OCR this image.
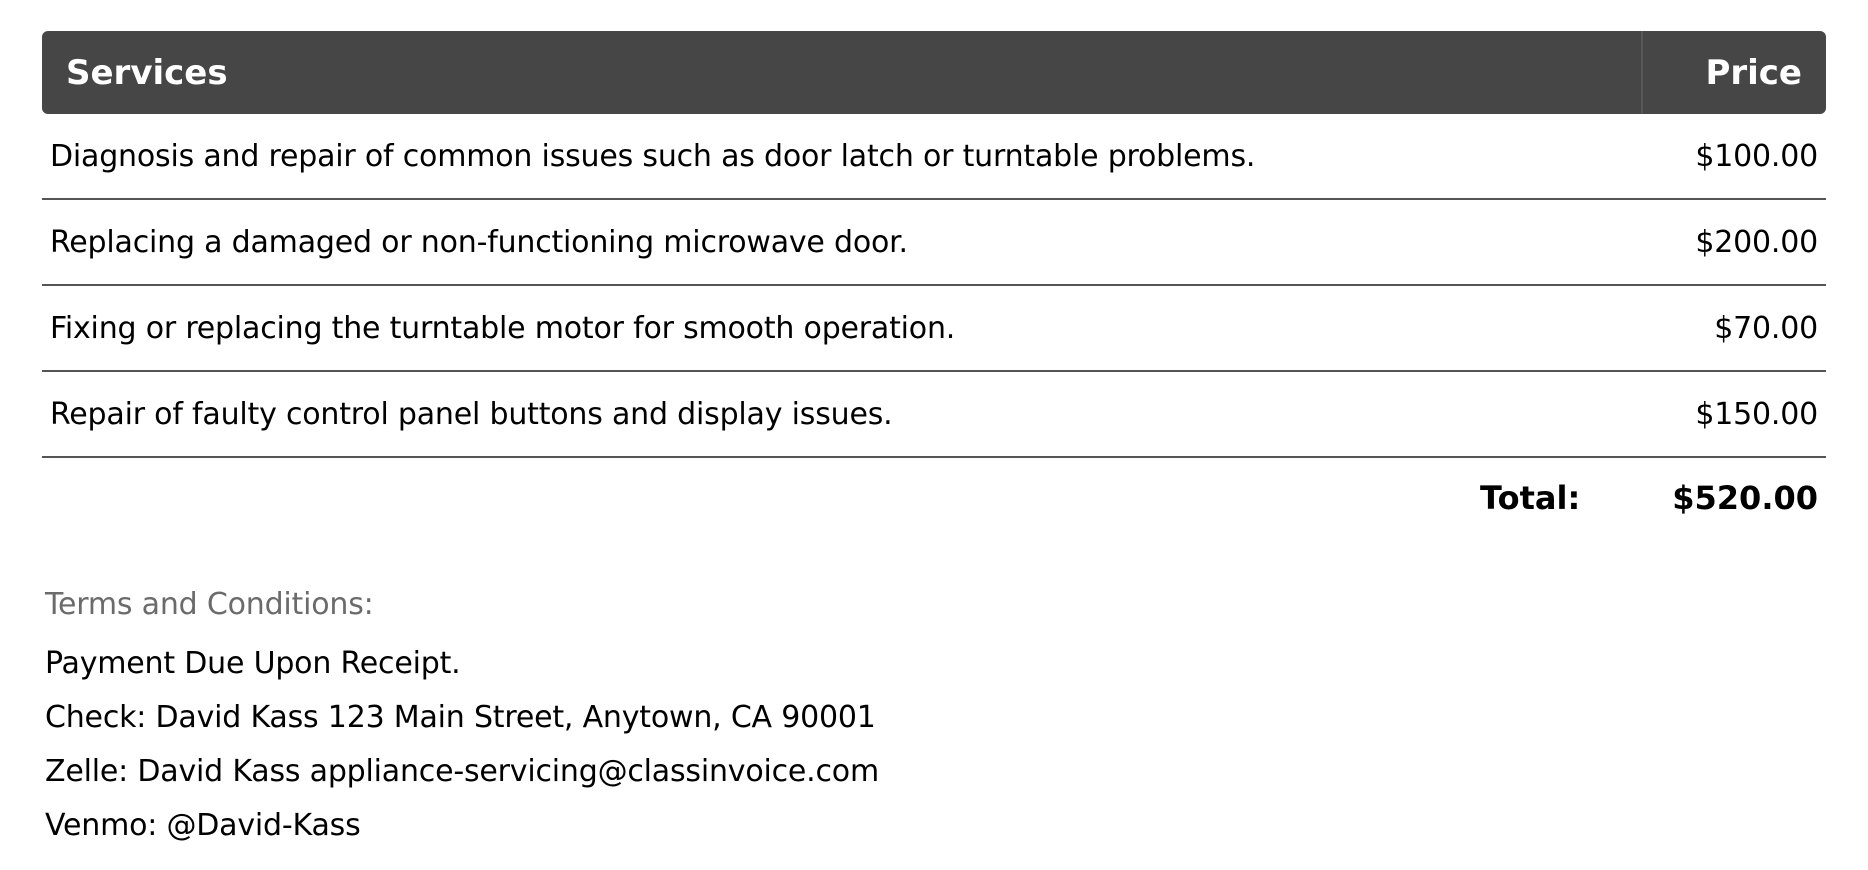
Services	Price
Diagnosis and repair of common issues such as door latch or turntable problems.	$100.00
Replacing a damaged or non-functioning microwave door.	$200.00
Fixing or replacing the turntable motor for smooth operation.	$70.00
Repair of faulty control panel buttons and display issues.	$150.00
Total:	$520.00
Terms and Conditions:
Payment Due Upon Receipt.
Check: David Kass 123 Main Street, Anytown, CA 90001
Zelle: David Kass appliance-servicing@classinvoice.com
Venmo: @David-Kass
